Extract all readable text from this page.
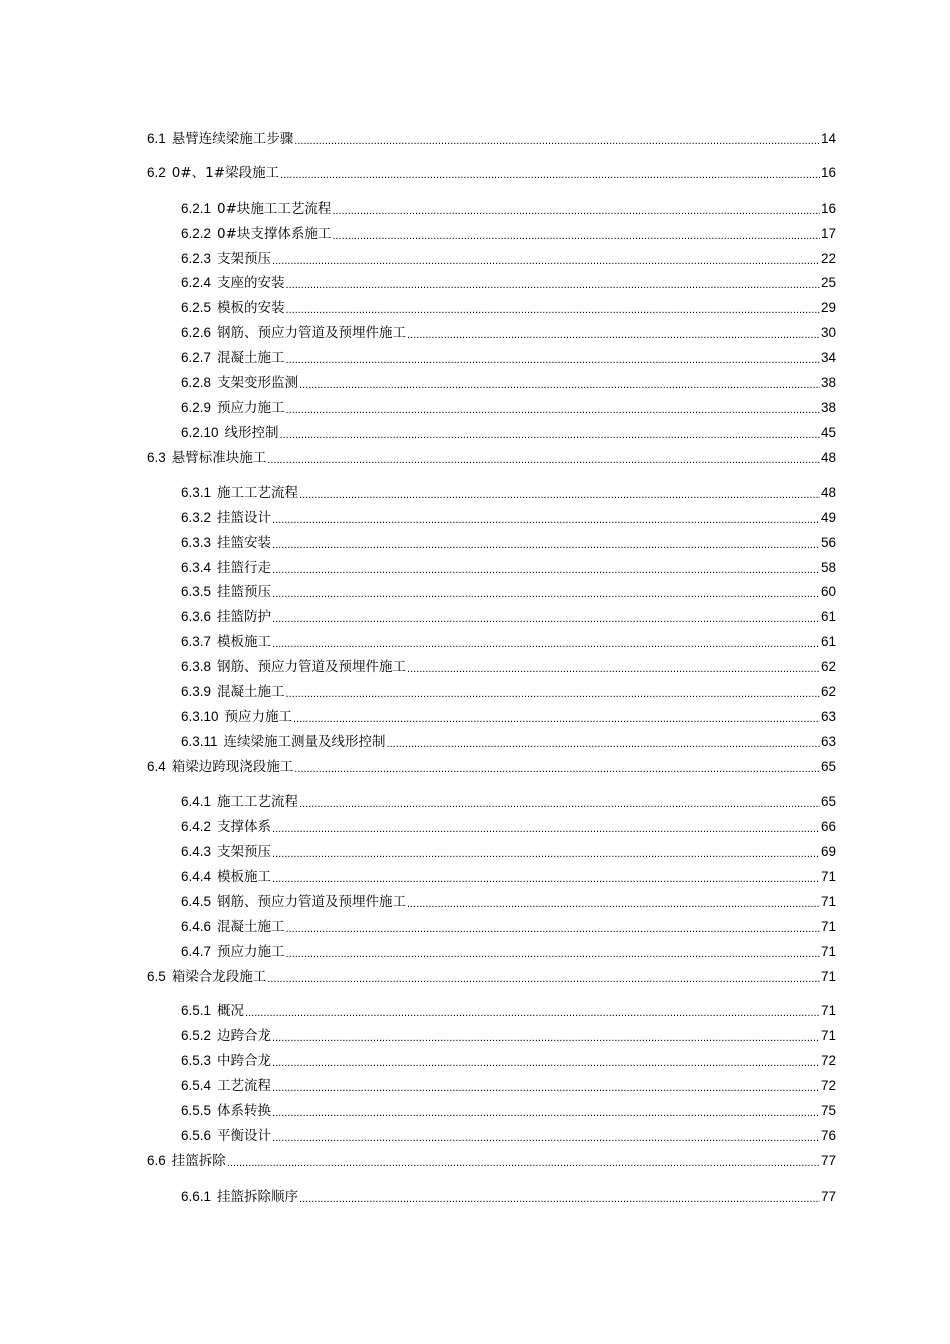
6.1 悬臂连续梁施工步骤 .....	14
6.2 0#、1#梁段施工 .....	16
6.2.1 0#块施工工艺流程 .....	16
6.2.2 0#块支撑体系施工 .....	17
6.2.3 支架预压 .....	22
6.2.4 支座的安装 .....	25
6.2.5 模板的安装 .....	29
6.2.6 钢筋、预应力管道及预埋件施工 .....	30
6.2.7 混凝土施工 .....	34
6.2.8 支架变形监测 .....	38
6.2.9 预应力施工 .....	38
6.2.10 线形控制 .....	45
6.3 悬臂标准块施工 .....	48
6.3.1 施工工艺流程 .....	48
6.3.2 挂篮设计 .....	49
6.3.3 挂篮安装 .....	56
6.3.4 挂篮行走 .....	58
6.3.5 挂篮预压 .....	60
6.3.6 挂篮防护 .....	61
6.3.7 模板施工 .....	61
6.3.8 钢筋、预应力管道及预埋件施工 .....	62
6.3.9 混凝土施工 .....	62
6.3.10 预应力施工 .....	63
6.3.11 连续梁施工测量及线形控制 .....	63
6.4 箱梁边跨现浇段施工 .....	65
6.4.1 施工工艺流程 .....	65
6.4.2 支撑体系 .....	66
6.4.3 支架预压 .....	69
6.4.4 模板施工 .....	71
6.4.5 钢筋、预应力管道及预埋件施工 .....	71
6.4.6 混凝土施工 .....	71
6.4.7 预应力施工 .....	71
6.5 箱梁合龙段施工 .....	71
6.5.1 概况 .....	71
6.5.2 边跨合龙 .....	71
6.5.3 中跨合龙 .....	72
6.5.4 工艺流程 .....	72
6.5.5 体系转换 .....	75
6.5.6 平衡设计 .....	76
6.6 挂篮拆除 .....	77
6.6.1 挂篮拆除顺序 .....	77
